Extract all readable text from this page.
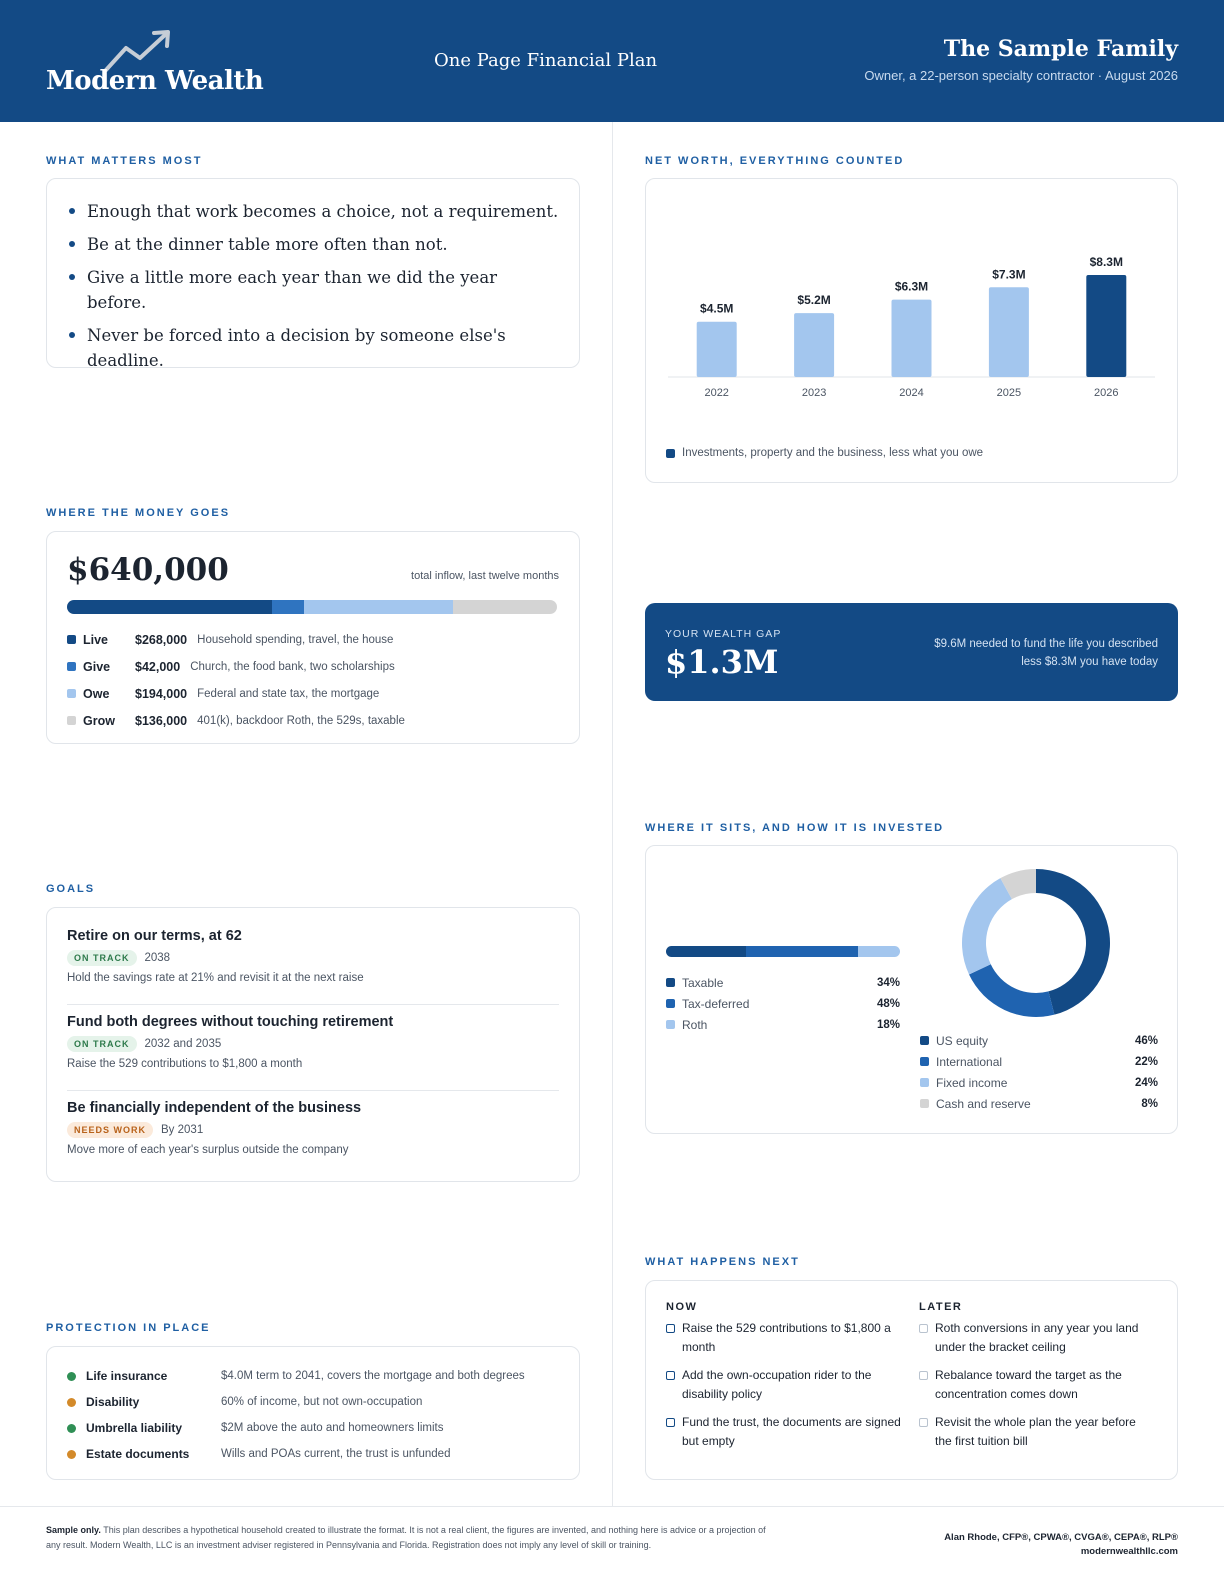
Modern Wealth
One Page Financial Plan	The Sample Family
Owner, a 22-person specialty contractor · August 2026
WHAT MATTERS MOST
Enough that work becomes a choice, not a requirement.
Be at the dinner table more often than not.
Give a little more each year than we did the year before.
Never be forced into a decision by someone else's deadline.
NET WORTH, EVERYTHING COUNTED
$4.5M
2022
$5.2M
2023
$6.3M
2024
$7.3M
2025
$8.3M
2026
Investments, property and the business, less what you owe
WHERE THE MONEY GOES
$640,000	total inflow, last twelve months
Live	$268,000 Household spending, travel, the house
Give	$42,000 Church, the food bank, two scholarships
Owe	$194,000 Federal and state tax, the mortgage
Grow	$136,000 401(k), backdoor Roth, the 529s, taxable
YOUR WEALTH GAP
$1.3M	$9.6M needed to fund the life you described
less $8.3M you have today
WHERE IT SITS, AND HOW IT IS INVESTED
Taxable	34%
Tax-deferred	48%
Roth	18%
US equity	46%
International	22%
Fixed income	24%
Cash and reserve	8%
GOALS
Retire on our terms, at 62
ON TRACK	2038
Hold the savings rate at 21% and revisit it at the next raise
Fund both degrees without touching retirement
ON TRACK	2032 and 2035
Raise the 529 contributions to $1,800 a month
Be financially independent of the business
NEEDS WORK	By 2031
Move more of each year's surplus outside the company
WHAT HAPPENS NEXT
NOW
Raise the 529 contributions to $1,800 a month
Add the own-occupation rider to the disability policy
Fund the trust, the documents are signed but empty
LATER
Roth conversions in any year you land under the bracket ceiling
Rebalance toward the target as the concentration comes down
Revisit the whole plan the year before the first tuition bill
PROTECTION IN PLACE
Life insurance	$4.0M term to 2041, covers the mortgage and both degrees
Disability	60% of income, but not own-occupation
Umbrella liability	$2M above the auto and homeowners limits
Estate documents	Wills and POAs current, the trust is unfunded
Sample only. This plan describes a hypothetical household created to illustrate the format. It is not a real client, the figures are invented, and nothing here is advice or a projection of any result. Modern Wealth, LLC is an investment adviser registered in Pennsylvania and Florida. Registration does not imply any level of skill or training.
Alan Rhode, CFP®, CPWA®, CVGA®, CEPA®, RLP®
modernwealthllc.com
